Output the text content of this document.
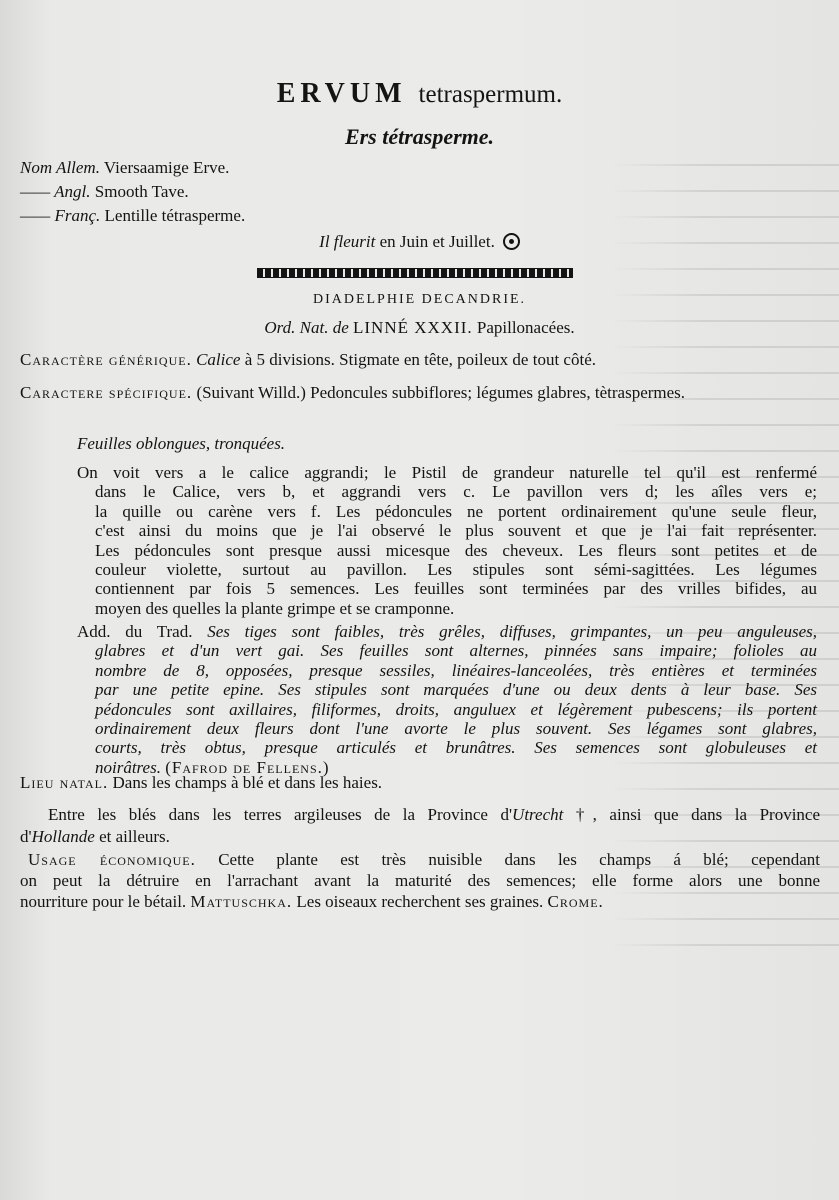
ERVUM tetraspermum.
Ers tétrasperme.
Nom Allem. Viersaamige Erve.
—— Angl. Smooth Tave.
—— Franç. Lentille tétrasperme.
Il fleurit en Juin et Juillet.
DIADELPHIE DECANDRIE.
Ord. Nat. de LINNÉ XXXII. Papillonacées.
Caractère générique. Calice à 5 divisions. Stigmate en tête, poileux de tout côté.
Caractere spécifique. (Suivant Willd.) Pedoncules subbiflores; légumes glabres, tètraspermes.
Feuilles oblongues, tronquées.
On voit vers a le calice aggrandi; le Pistil de grandeur naturelle tel qu'il est renfermé
dans le Calice, vers b, et aggrandi vers c. Le pavillon vers d; les aîles vers e;
la quille ou carène vers f. Les pédoncules ne portent ordinairement qu'une seule fleur,
c'est ainsi du moins que je l'ai observé le plus souvent et que je l'ai fait représenter.
Les pédoncules sont presque aussi micesque des cheveux. Les fleurs sont petites et de
couleur violette, surtout au pavillon. Les stipules sont sémi-sagittées. Les légumes
contiennent par fois 5 semences. Les feuilles sont terminées par des vrilles bifides, au
moyen des quelles la plante grimpe et se cramponne.
Add. du Trad. Ses tiges sont faibles, très grêles, diffuses, grimpantes, un peu anguleuses,
glabres et d'un vert gai. Ses feuilles sont alternes, pinnées sans impaire; folioles au
nombre de 8, opposées, presque sessiles, linéaires-lanceolées, très entières et terminées
par une petite epine. Ses stipules sont marquées d'une ou deux dents à leur base. Ses
pédoncules sont axillaires, filiformes, droits, anguluex et légèrement pubescens; ils portent
ordinairement deux fleurs dont l'une avorte le plus souvent. Ses légames sont glabres,
courts, très obtus, presque articulés et brunâtres. Ses semences sont globuleuses et
noirâtres. (Fafrod de Fellens.)
Lieu natal. Dans les champs à blé et dans les haies.
Entre les blés dans les terres argileuses de la Province d'Utrecht †, ainsi que dans la Province
d'Hollande et ailleurs.
Usage économique. Cette plante est très nuisible dans les champs á blé; cependant
on peut la détruire en l'arrachant avant la maturité des semences; elle forme alors une bonne
nourriture pour le bétail. Mattuschka. Les oiseaux recherchent ses graines. Crome.
